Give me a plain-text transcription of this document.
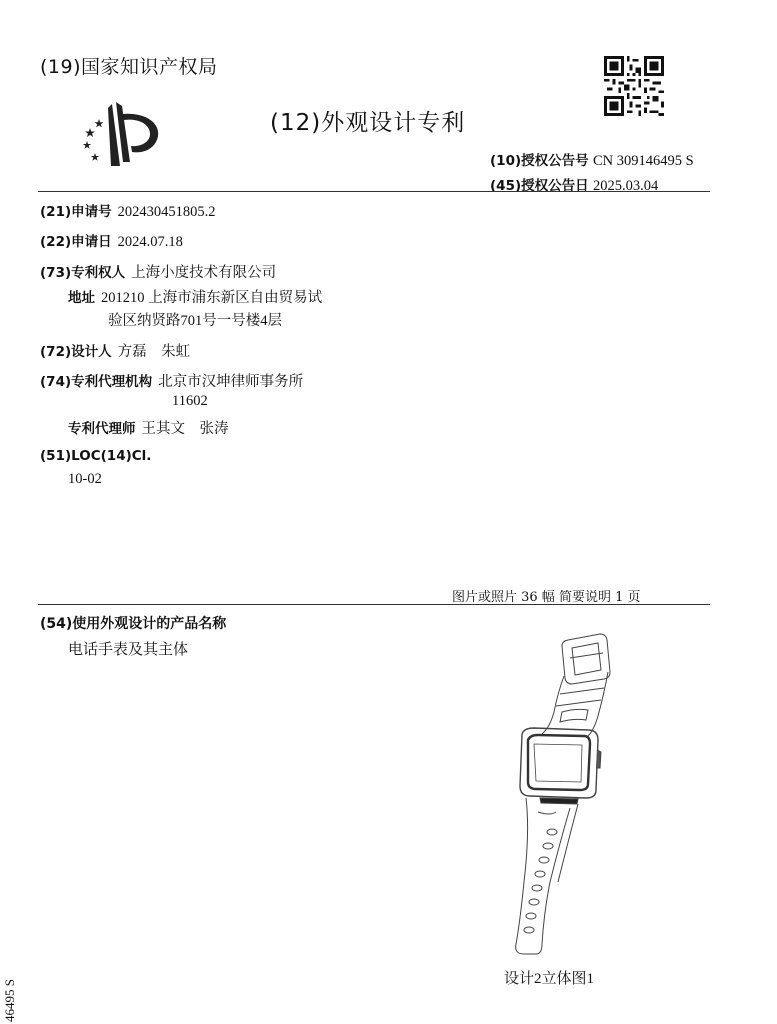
(19)国家知识产权局
(12)外观设计专利
(10)授权公告号 CN 309146495 S
(45)授权公告日 2025.03.04
(21)申请号 202430451805.2
(22)申请日 2024.07.18
(73)专利权人 上海小度技术有限公司
地址 201210 上海市浦东新区自由贸易试
验区纳贤路701号一号楼4层
(72)设计人 方磊　朱虹
(74)专利代理机构 北京市汉坤律师事务所
11602
专利代理师 王其文　张涛
(51)LOC(14)Cl.
10-02
图片或照片 36 幅 简要说明 1 页
(54)使用外观设计的产品名称
电话手表及其主体
设计2立体图1
46495 S
